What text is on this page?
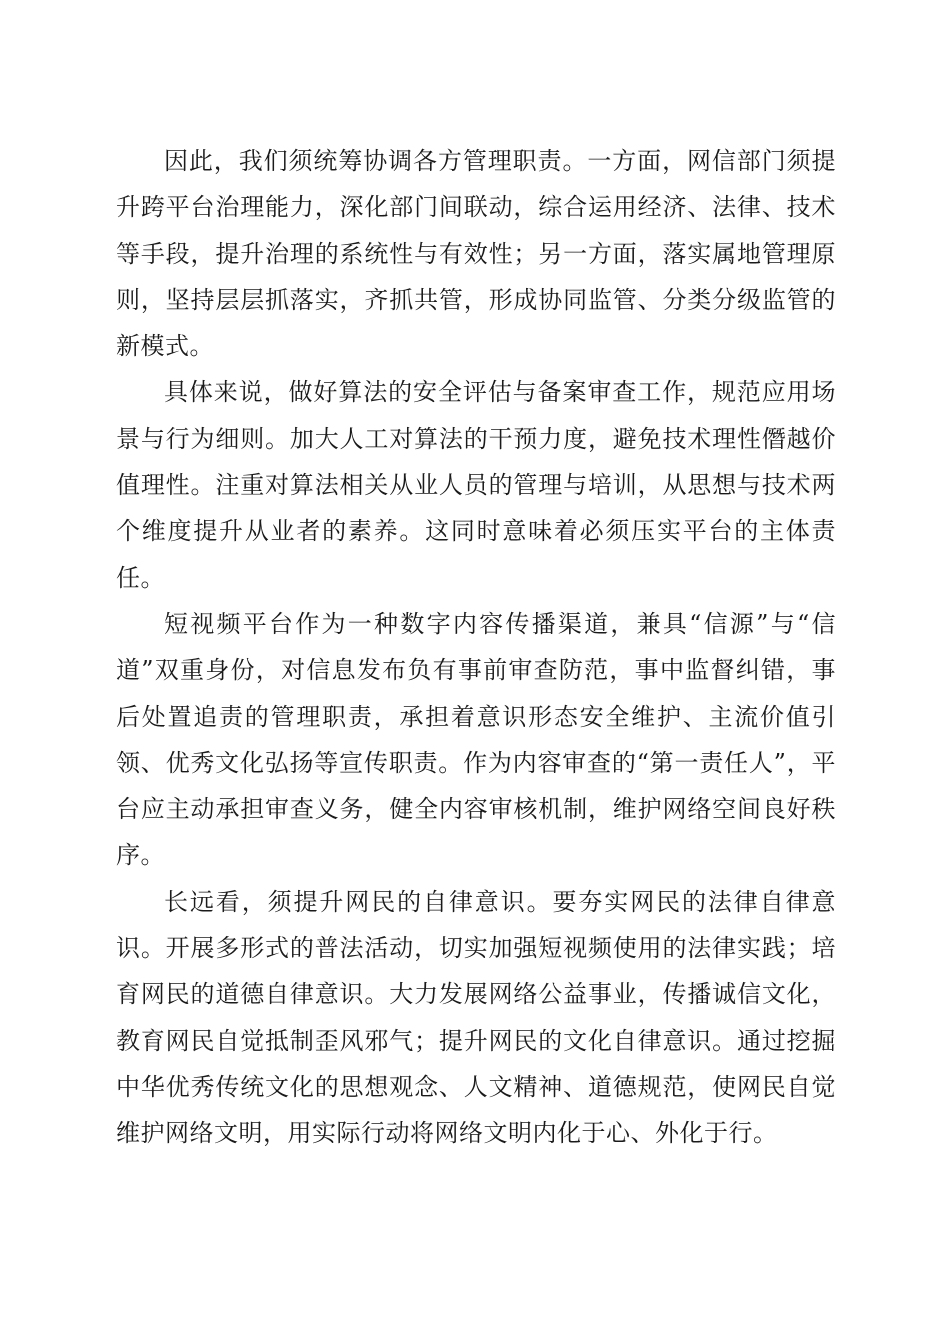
因此，我们须统筹协调各方管理职责。一方面，网信部门须提升跨平台治理能力，深化部门间联动，综合运用经济、法律、技术等手段，提升治理的系统性与有效性；另一方面，落实属地管理原则，坚持层层抓落实，齐抓共管，形成协同监管、分类分级监管的新模式。

具体来说，做好算法的安全评估与备案审查工作，规范应用场景与行为细则。加大人工对算法的干预力度，避免技术理性僭越价值理性。注重对算法相关从业人员的管理与培训，从思想与技术两个维度提升从业者的素养。这同时意味着必须压实平台的主体责任。

短视频平台作为一种数字内容传播渠道，兼具“信源”与“信道”双重身份，对信息发布负有事前审查防范，事中监督纠错，事后处置追责的管理职责，承担着意识形态安全维护、主流价值引领、优秀文化弘扬等宣传职责。作为内容审查的“第一责任人”，平台应主动承担审查义务，健全内容审核机制，维护网络空间良好秩序。

长远看，须提升网民的自律意识。要夯实网民的法律自律意识。开展多形式的普法活动，切实加强短视频使用的法律实践；培育网民的道德自律意识。大力发展网络公益事业，传播诚信文化，教育网民自觉抵制歪风邪气；提升网民的文化自律意识。通过挖掘中华优秀传统文化的思想观念、人文精神、道德规范，使网民自觉维护网络文明，用实际行动将网络文明内化于心、外化于行。
